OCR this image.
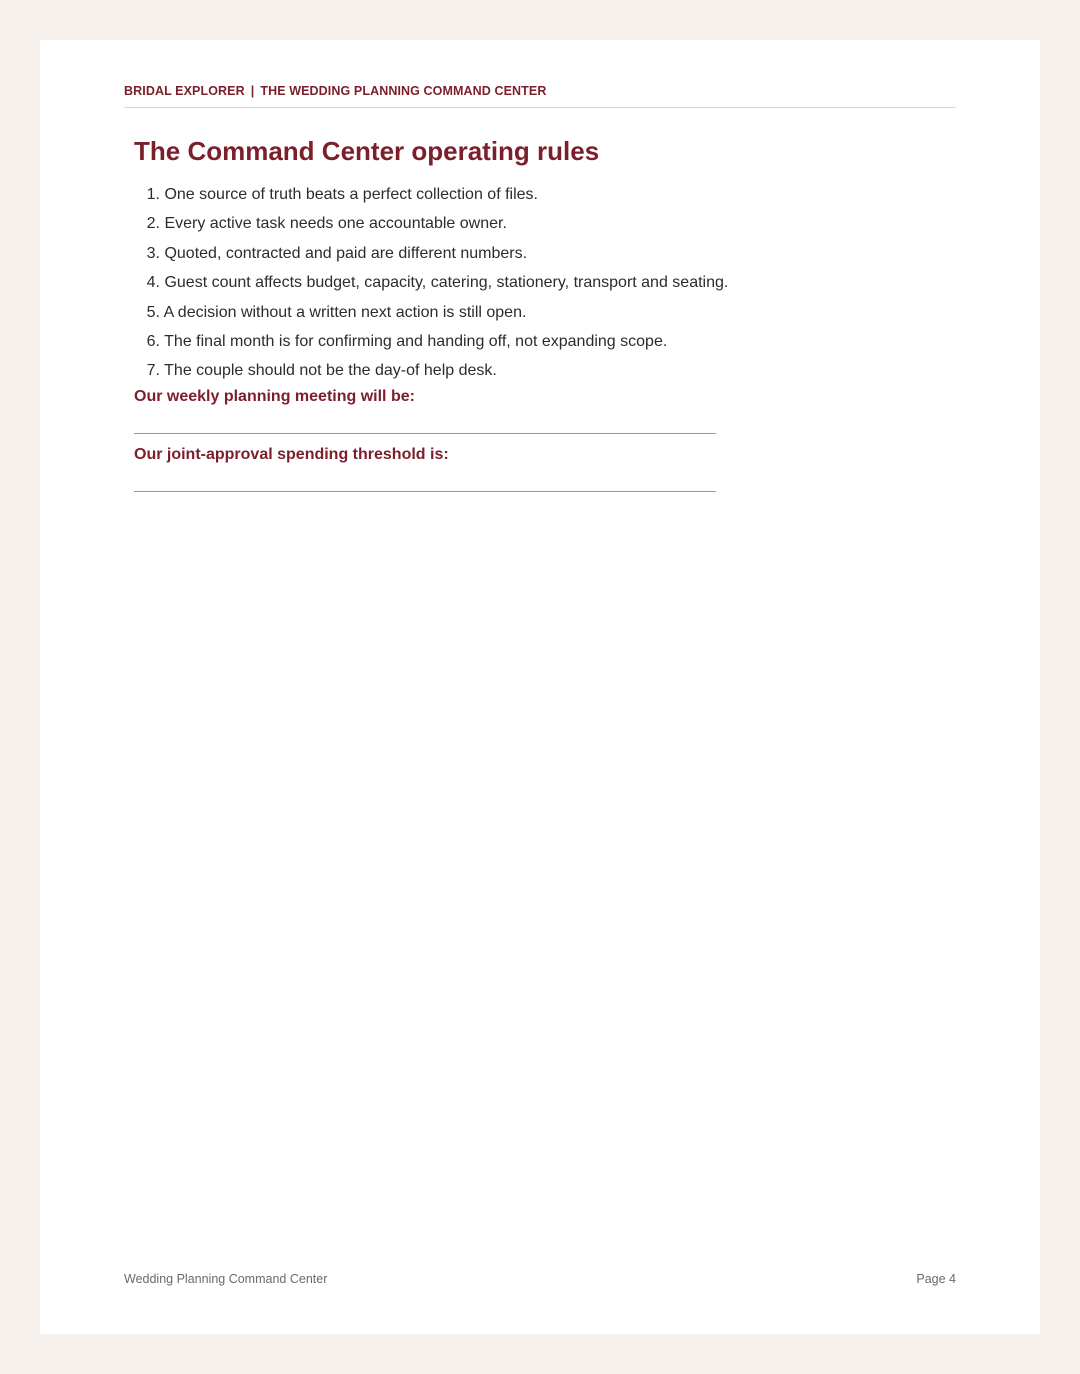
BRIDAL EXPLORER | THE WEDDING PLANNING COMMAND CENTER
The Command Center operating rules
1. One source of truth beats a perfect collection of files.
2. Every active task needs one accountable owner.
3. Quoted, contracted and paid are different numbers.
4. Guest count affects budget, capacity, catering, stationery, transport and seating.
5. A decision without a written next action is still open.
6. The final month is for confirming and handing off, not expanding scope.
7. The couple should not be the day-of help desk.

Our weekly planning meeting will be:

Our joint-approval spending threshold is:

Wedding Planning Command Center	Page 4
